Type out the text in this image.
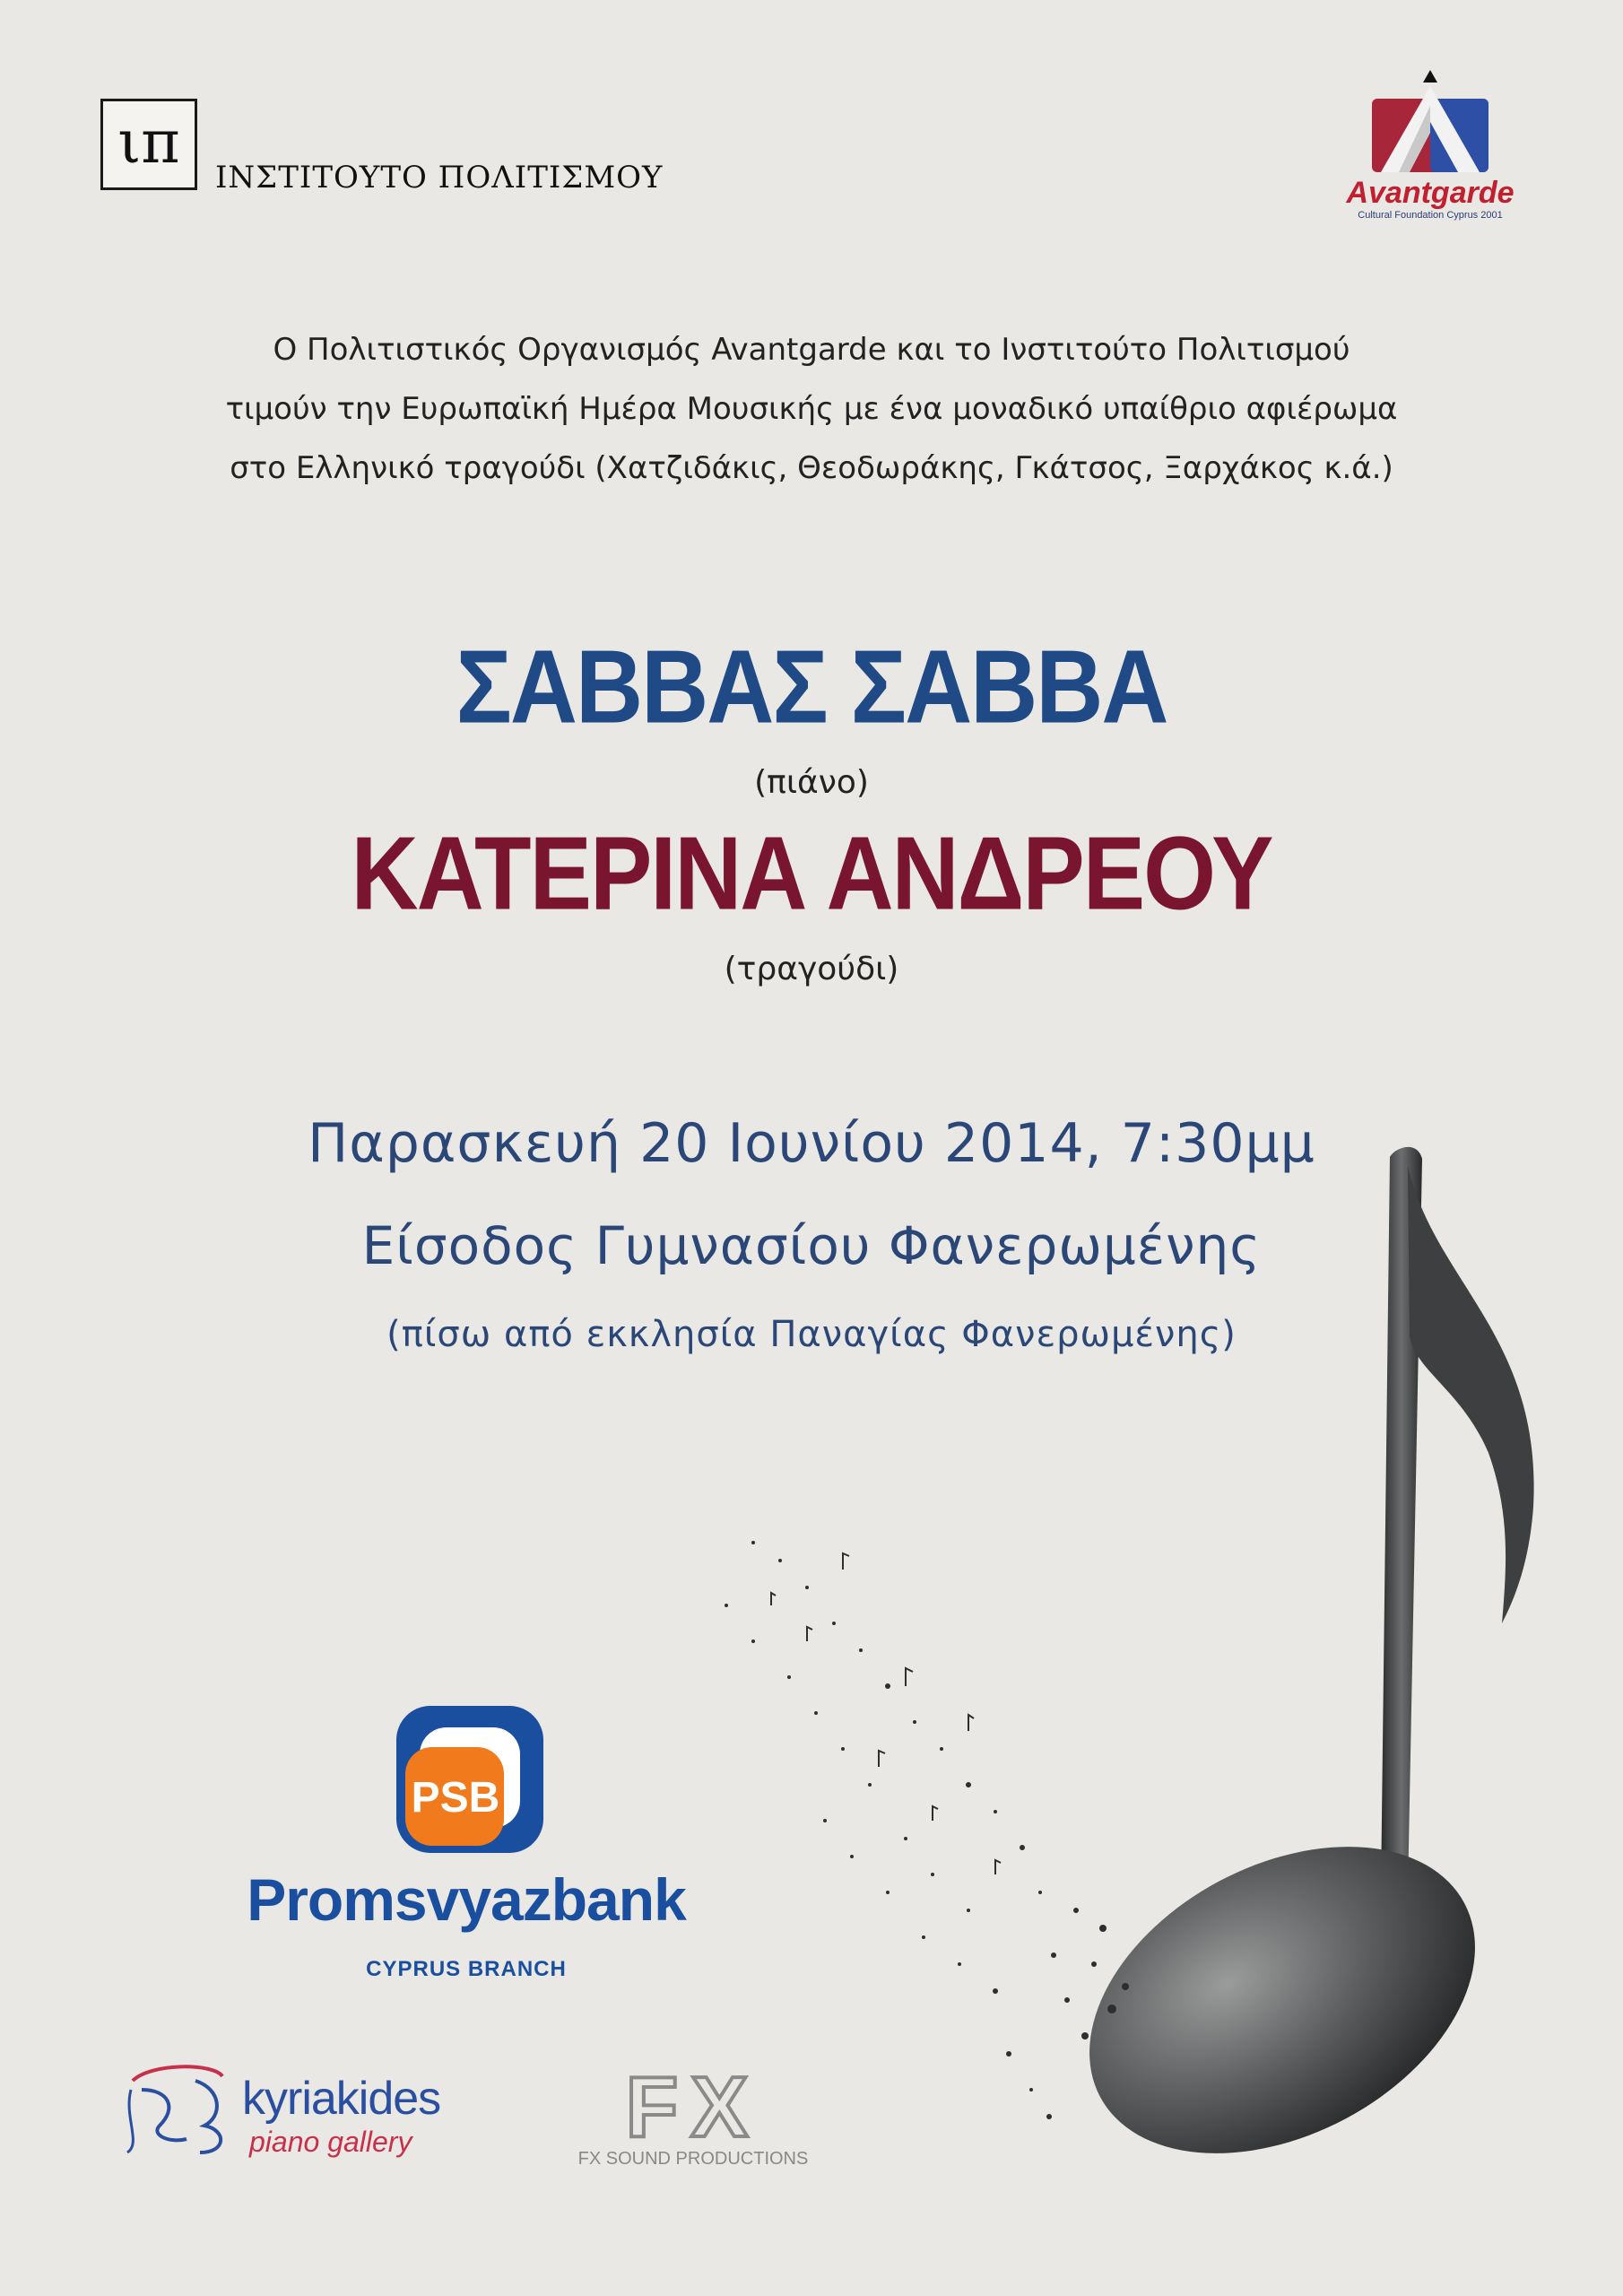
ιπ
ΙΝΣΤΙΤΟΥΤΟ ΠΟΛΙΤΙΣΜΟΥ	Avantgarde
Cultural Foundation Cyprus 2001
Ο Πολιτιστικός Οργανισμός Avantgarde και το Ινστιτούτο Πολιτισμού
τιμούν την Ευρωπαϊκή Ημέρα Μουσικής με ένα μοναδικό υπαίθριο αφιέρωμα
στο Ελληνικό τραγούδι (Χατζιδάκις, Θεοδωράκης, Γκάτσος, Ξαρχάκος κ.ά.)
ΣΑΒΒΑΣ ΣΑΒΒΑ
(πιάνο)
ΚΑΤΕΡΙΝΑ ΑΝΔΡΕΟΥ
(τραγούδι)
Παρασκευή 20 Ιουνίου 2014, 7:30μμ
Είσοδος Γυμνασίου Φανερωμένης
(πίσω από εκκλησία Παναγίας Φανερωμένης)
PSB
Promsvyazbank
CYPRUS BRANCH
kyriakides
piano gallery FX
FX SOUND PRODUCTIONS
